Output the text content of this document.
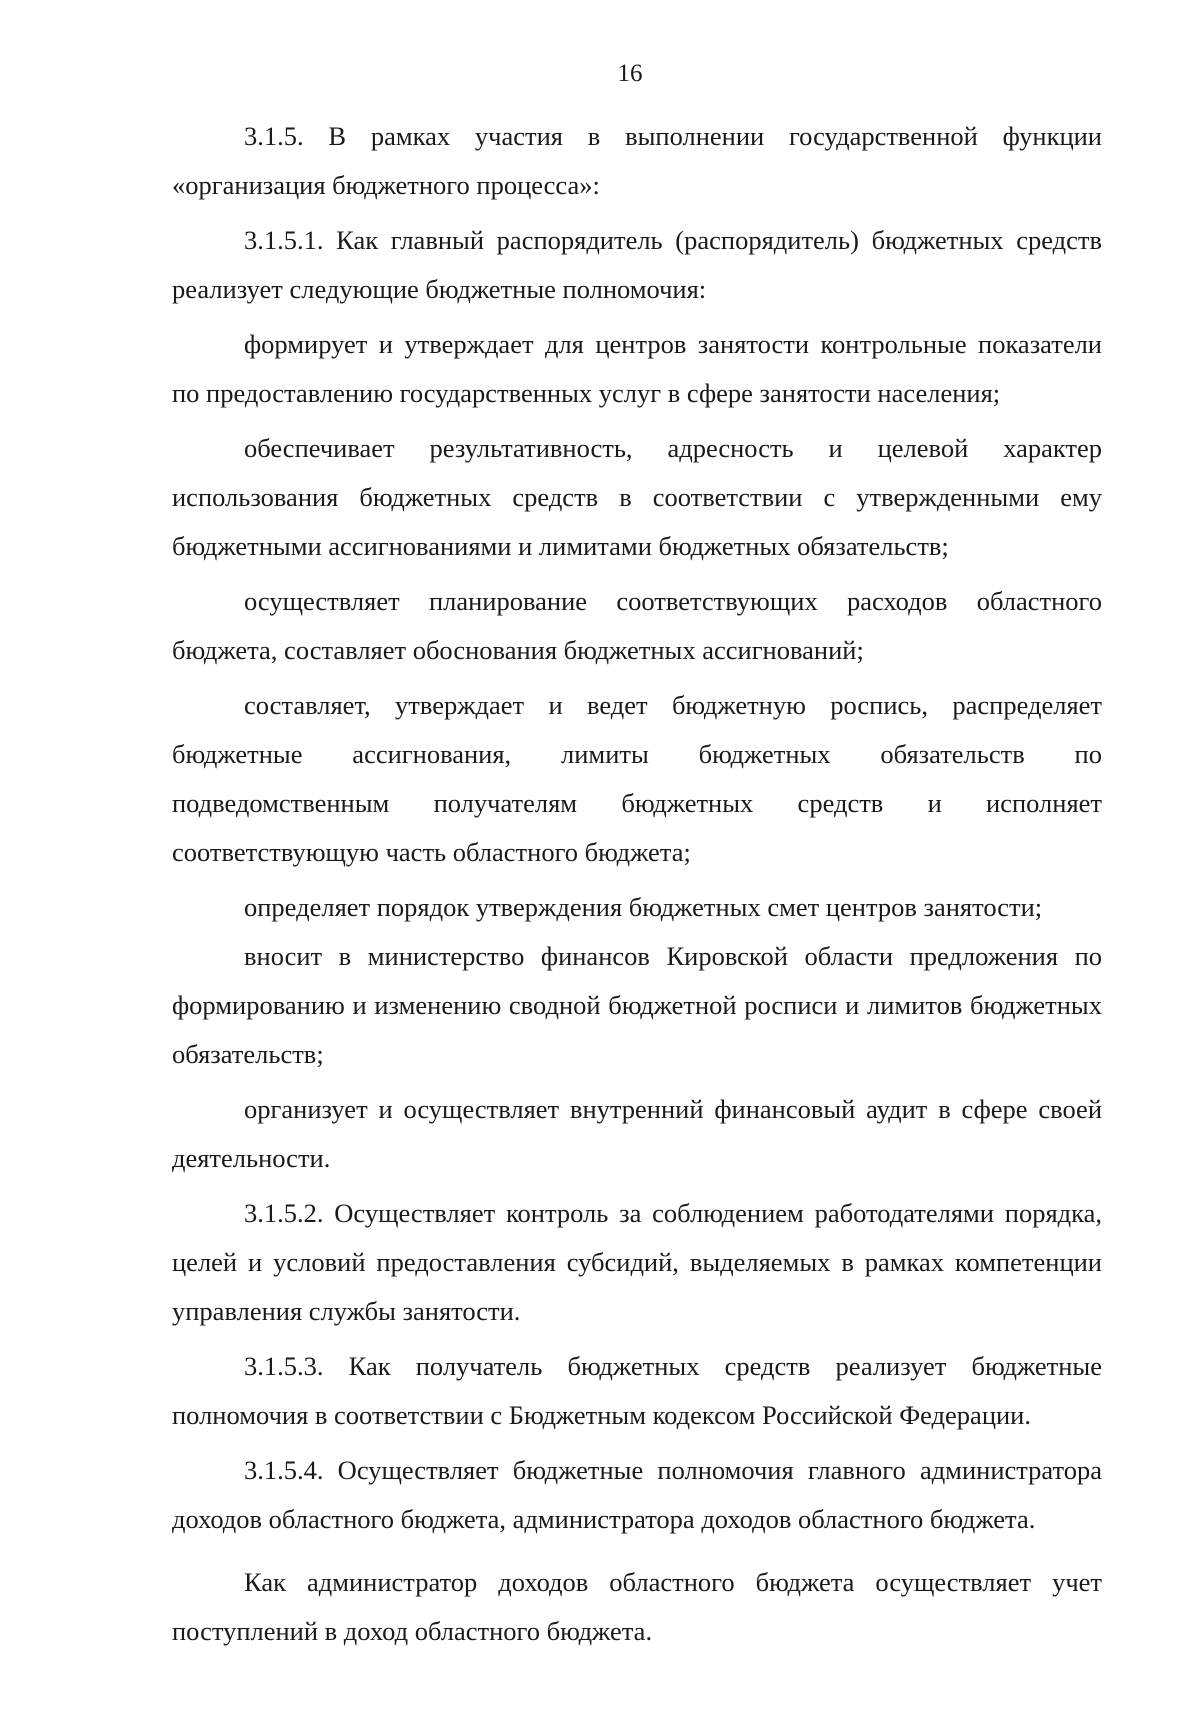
16

3.1.5. В рамках участия в выполнении государственной функции «организация бюджетного процесса»:

3.1.5.1. Как главный распорядитель (распорядитель) бюджетных средств реализует следующие бюджетные полномочия:

формирует и утверждает для центров занятости контрольные показатели по предоставлению государственных услуг в сфере занятости населения;

обеспечивает результативность, адресность и целевой характер использования бюджетных средств в соответствии с утвержденными ему бюджетными ассигнованиями и лимитами бюджетных обязательств;

осуществляет планирование соответствующих расходов областного бюджета, составляет обоснования бюджетных ассигнований;

составляет, утверждает и ведет бюджетную роспись, распределяет бюджетные ассигнования, лимиты бюджетных обязательств по подведомственным получателям бюджетных средств и исполняет соответствующую часть областного бюджета;

определяет порядок утверждения бюджетных смет центров занятости;

вносит в министерство финансов Кировской области предложения по формированию и изменению сводной бюджетной росписи и лимитов бюджетных обязательств;

организует и осуществляет внутренний финансовый аудит в сфере своей деятельности.

3.1.5.2. Осуществляет контроль за соблюдением работодателями порядка, целей и условий предоставления субсидий, выделяемых в рамках компетенции управления службы занятости.

3.1.5.3. Как получатель бюджетных средств реализует бюджетные полномочия в соответствии с Бюджетным кодексом Российской Федерации.

3.1.5.4. Осуществляет бюджетные полномочия главного администратора доходов областного бюджета, администратора доходов областного бюджета.

Как администратор доходов областного бюджета осуществляет учет поступлений в доход областного бюджета.
